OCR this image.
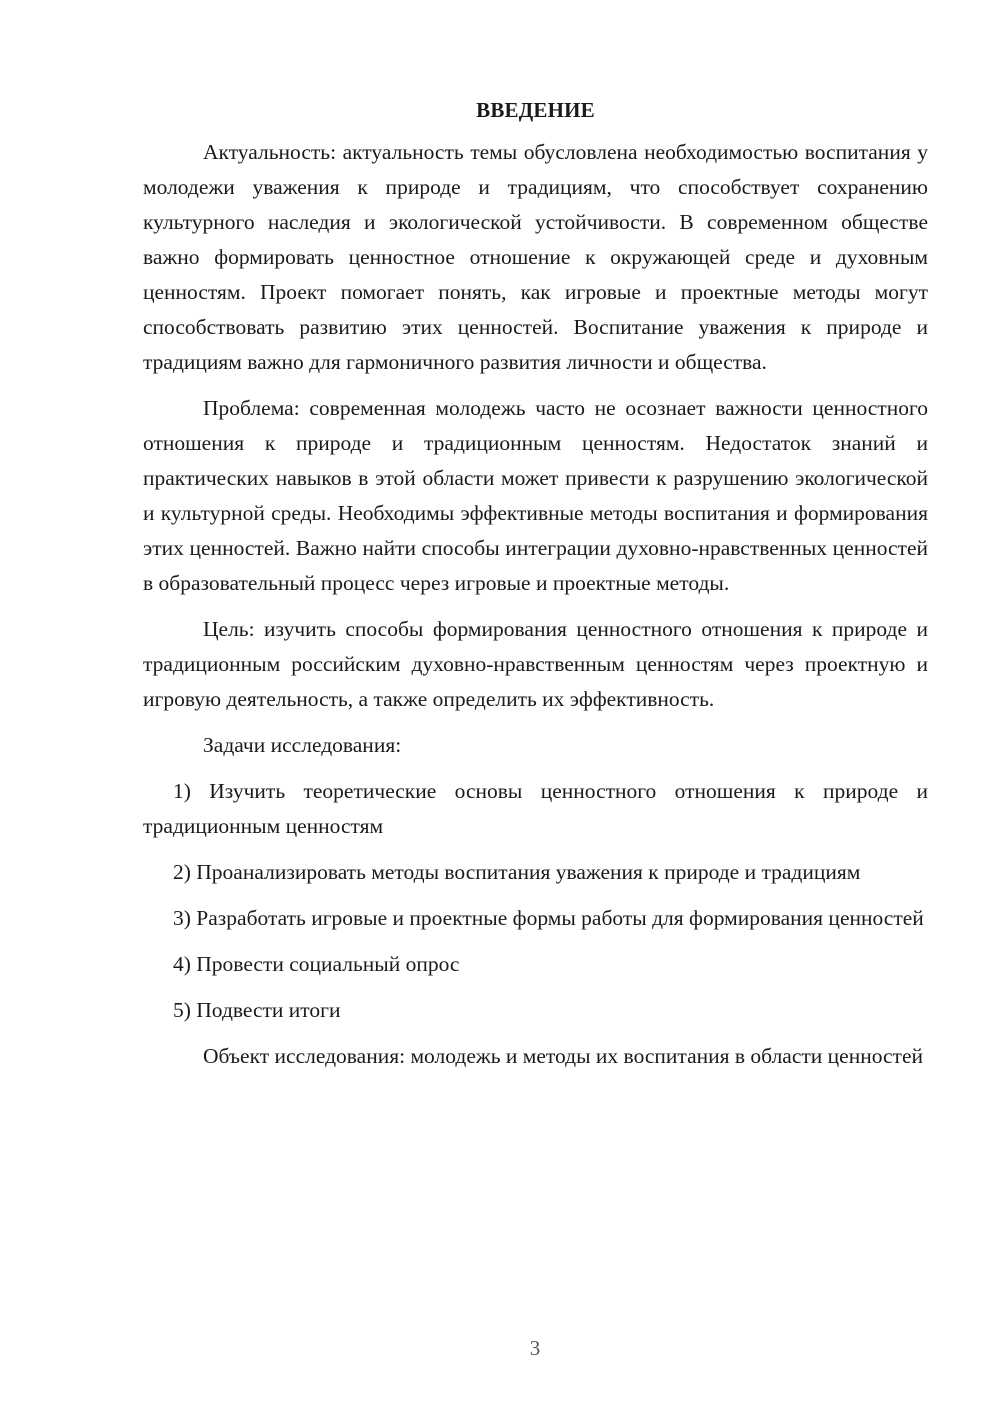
ВВЕДЕНИЕ

Актуальность: актуальность темы обусловлена необходимостью воспитания у молодежи уважения к природе и традициям, что способствует сохранению культурного наследия и экологической устойчивости. В современном обществе важно формировать ценностное отношение к окружающей среде и духовным ценностям. Проект помогает понять, как игровые и проектные методы могут способствовать развитию этих ценностей. Воспитание уважения к природе и традициям важно для гармоничного развития личности и общества.

Проблема: современная молодежь часто не осознает важности ценностного отношения к природе и традиционным ценностям. Недостаток знаний и практических навыков в этой области может привести к разрушению экологической и культурной среды. Необходимы эффективные методы воспитания и формирования этих ценностей. Важно найти способы интеграции духовно-нравственных ценностей в образовательный процесс через игровые и проектные методы.

Цель: изучить способы формирования ценностного отношения к природе и традиционным российским духовно-нравственным ценностям через проектную и игровую деятельность, а также определить их эффективность.

Задачи исследования:

1) Изучить теоретические основы ценностного отношения к природе и традиционным ценностям

2) Проанализировать методы воспитания уважения к природе и традициям

3) Разработать игровые и проектные формы работы для формирования ценностей

4) Провести социальный опрос

5) Подвести итоги

Объект исследования: молодежь и методы их воспитания в области ценностей

3
